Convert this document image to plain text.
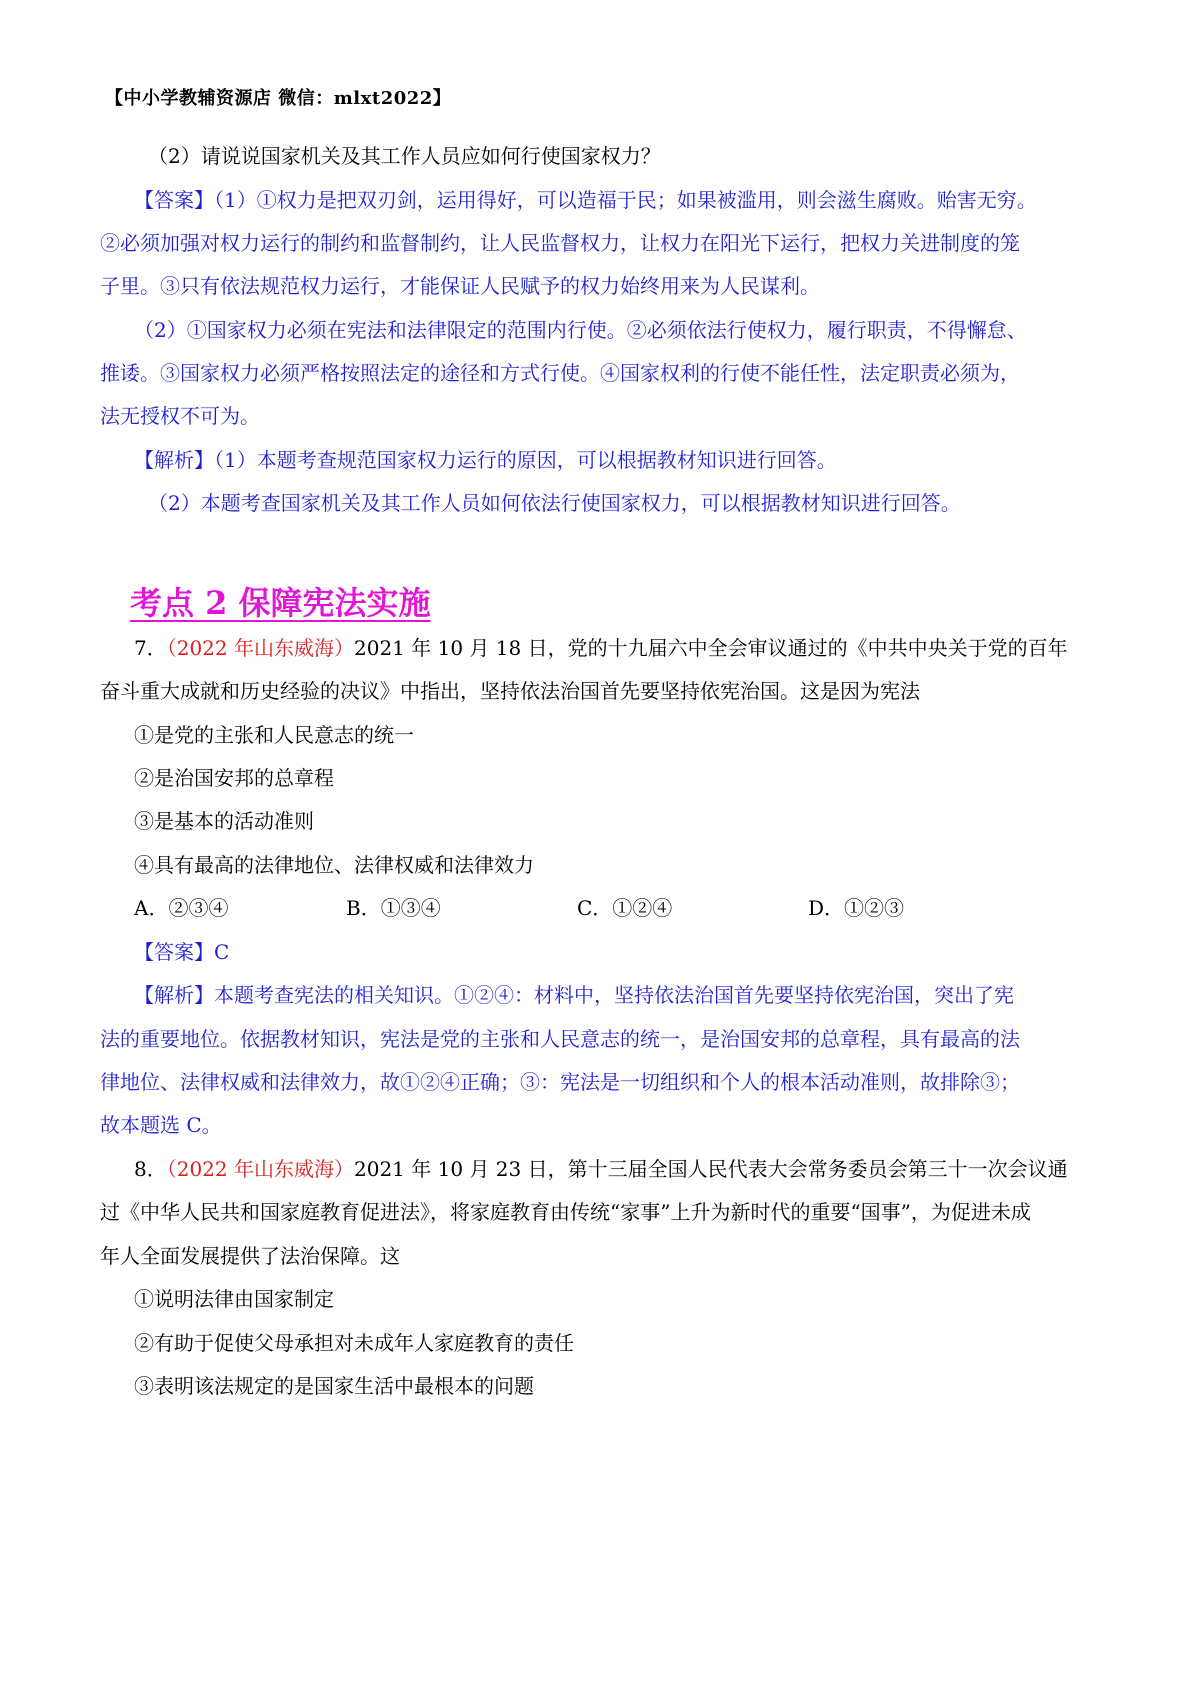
【中小学教辅资源店 微信：mlxt2022】
（2）请说说国家机关及其工作人员应如何行使国家权力？
【答案】（1）①权力是把双刃剑，运用得好，可以造福于民；如果被滥用，则会滋生腐败。贻害无穷。
②必须加强对权力运行的制约和监督制约，让人民监督权力，让权力在阳光下运行，把权力关进制度的笼
子里。③只有依法规范权力运行，才能保证人民赋予的权力始终用来为人民谋利。
（2）①国家权力必须在宪法和法律限定的范围内行使。②必须依法行使权力，履行职责，不得懈怠、
推诿。③国家权力必须严格按照法定的途径和方式行使。④国家权利的行使不能任性，法定职责必须为，
法无授权不可为。
【解析】（1）本题考查规范国家权力运行的原因，可以根据教材知识进行回答。
（2）本题考查国家机关及其工作人员如何依法行使国家权力，可以根据教材知识进行回答。
考点 2 保障宪法实施
7．（2022 年山东威海）2021 年 10 月 18 日，党的十九届六中全会审议通过的《中共中央关于党的百年
奋斗重大成就和历史经验的决议》中指出，坚持依法治国首先要坚持依宪治国。这是因为宪法
①是党的主张和人民意志的统一
②是治国安邦的总章程
③是基本的活动准则
④具有最高的法律地位、法律权威和法律效力
A．②③④	B．①③④	C．①②④	D．①②③
【答案】C
【解析】本题考查宪法的相关知识。①②④：材料中，坚持依法治国首先要坚持依宪治国，突出了宪
法的重要地位。依据教材知识，宪法是党的主张和人民意志的统一，是治国安邦的总章程，具有最高的法
律地位、法律权威和法律效力，故①②④正确；③：宪法是一切组织和个人的根本活动准则，故排除③；
故本题选 C。
8．（2022 年山东威海）2021 年 10 月 23 日，第十三届全国人民代表大会常务委员会第三十一次会议通
过《中华人民共和国家庭教育促进法》，将家庭教育由传统“家事”上升为新时代的重要“国事”，为促进未成
年人全面发展提供了法治保障。这
①说明法律由国家制定
②有助于促使父母承担对未成年人家庭教育的责任
③表明该法规定的是国家生活中最根本的问题
